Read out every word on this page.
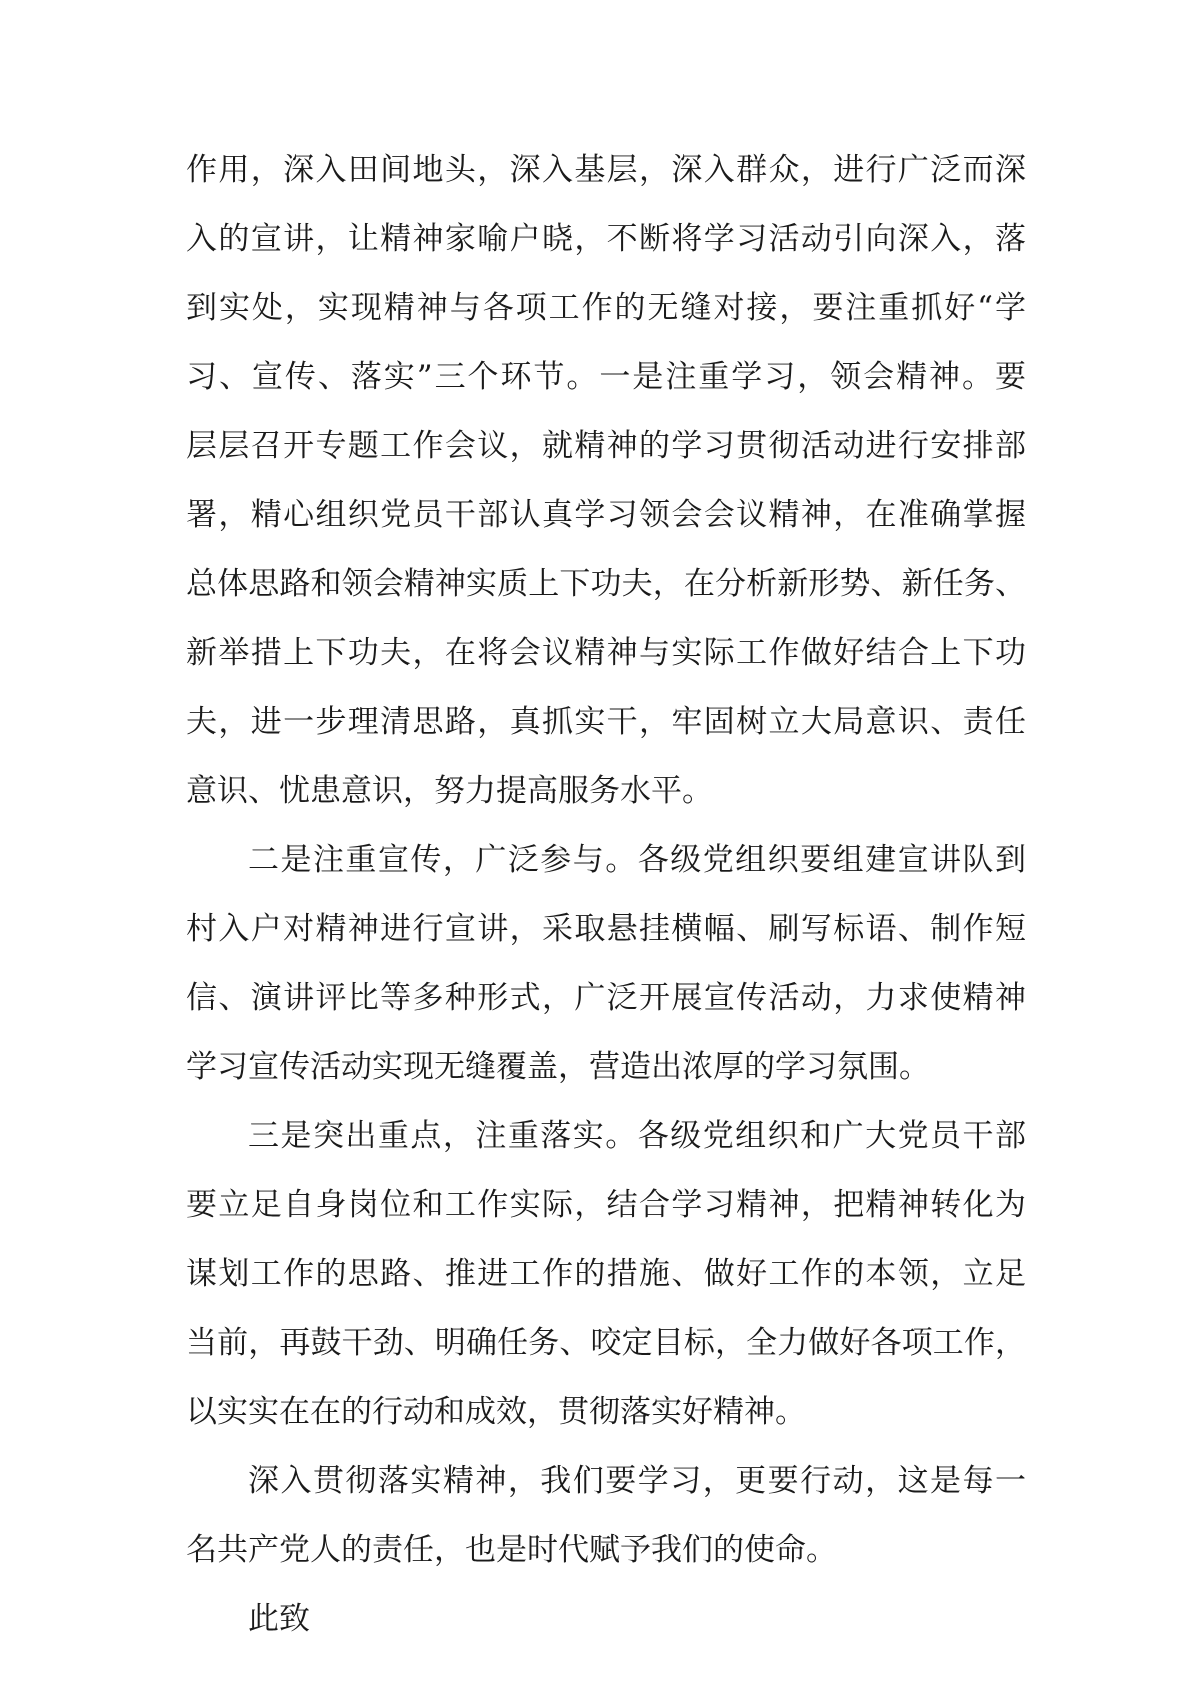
作用，深入田间地头，深入基层，深入群众，进行广泛而深
入的宣讲，让精神家喻户晓，不断将学习活动引向深入，落
到实处，实现精神与各项工作的无缝对接，要注重抓好“学
习、宣传、落实”三个环节。一是注重学习，领会精神。要
层层召开专题工作会议，就精神的学习贯彻活动进行安排部
署，精心组织党员干部认真学习领会会议精神，在准确掌握
总体思路和领会精神实质上下功夫，在分析新形势、新任务、
新举措上下功夫，在将会议精神与实际工作做好结合上下功
夫，进一步理清思路，真抓实干，牢固树立大局意识、责任
意识、忧患意识，努力提高服务水平。
二是注重宣传，广泛参与。各级党组织要组建宣讲队到
村入户对精神进行宣讲，采取悬挂横幅、刷写标语、制作短
信、演讲评比等多种形式，广泛开展宣传活动，力求使精神
学习宣传活动实现无缝覆盖，营造出浓厚的学习氛围。
三是突出重点，注重落实。各级党组织和广大党员干部
要立足自身岗位和工作实际，结合学习精神，把精神转化为
谋划工作的思路、推进工作的措施、做好工作的本领，立足
当前，再鼓干劲、明确任务、咬定目标，全力做好各项工作，
以实实在在的行动和成效，贯彻落实好精神。
深入贯彻落实精神，我们要学习，更要行动，这是每一
名共产党人的责任，也是时代赋予我们的使命。
此致
